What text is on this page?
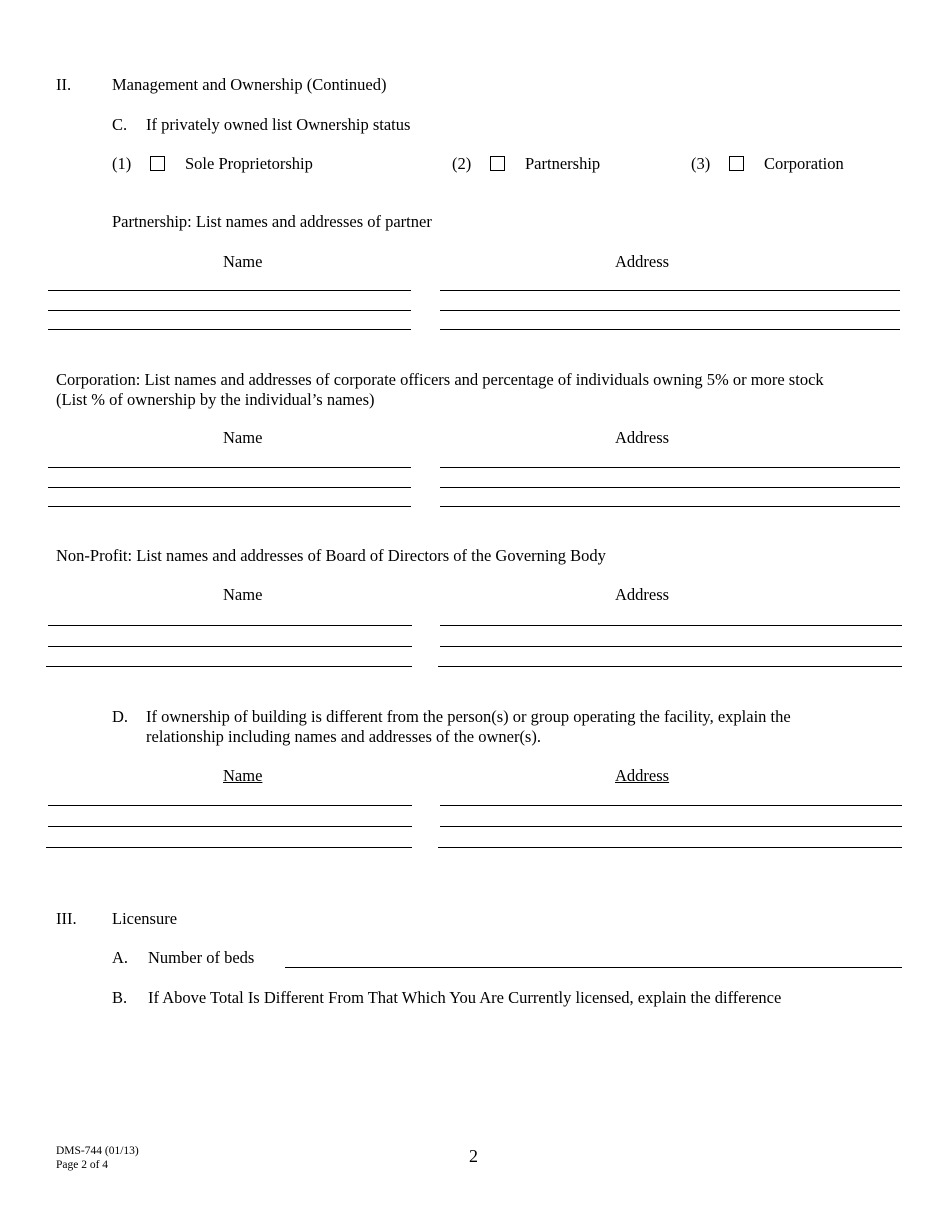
II. Management and Ownership (Continued)
C. If privately owned list Ownership status
(1)	Sole Proprietorship	(2)	Partnership	(3)	Corporation
Partnership: List names and addresses of partner
Name	Address
Corporation: List names and addresses of corporate officers and percentage of individuals owning 5% or more stock
(List % of ownership by the individual’s names)
Name	Address
Non-Profit: List names and addresses of Board of Directors of the Governing Body
Name	Address
D. If ownership of building is different from the person(s) or group operating the facility, explain the
relationship including names and addresses of the owner(s).
Name	Address
III. Licensure
A. Number of beds
B. If Above Total Is Different From That Which You Are Currently licensed, explain the difference
DMS-744 (01/13)
Page 2 of 4	2
